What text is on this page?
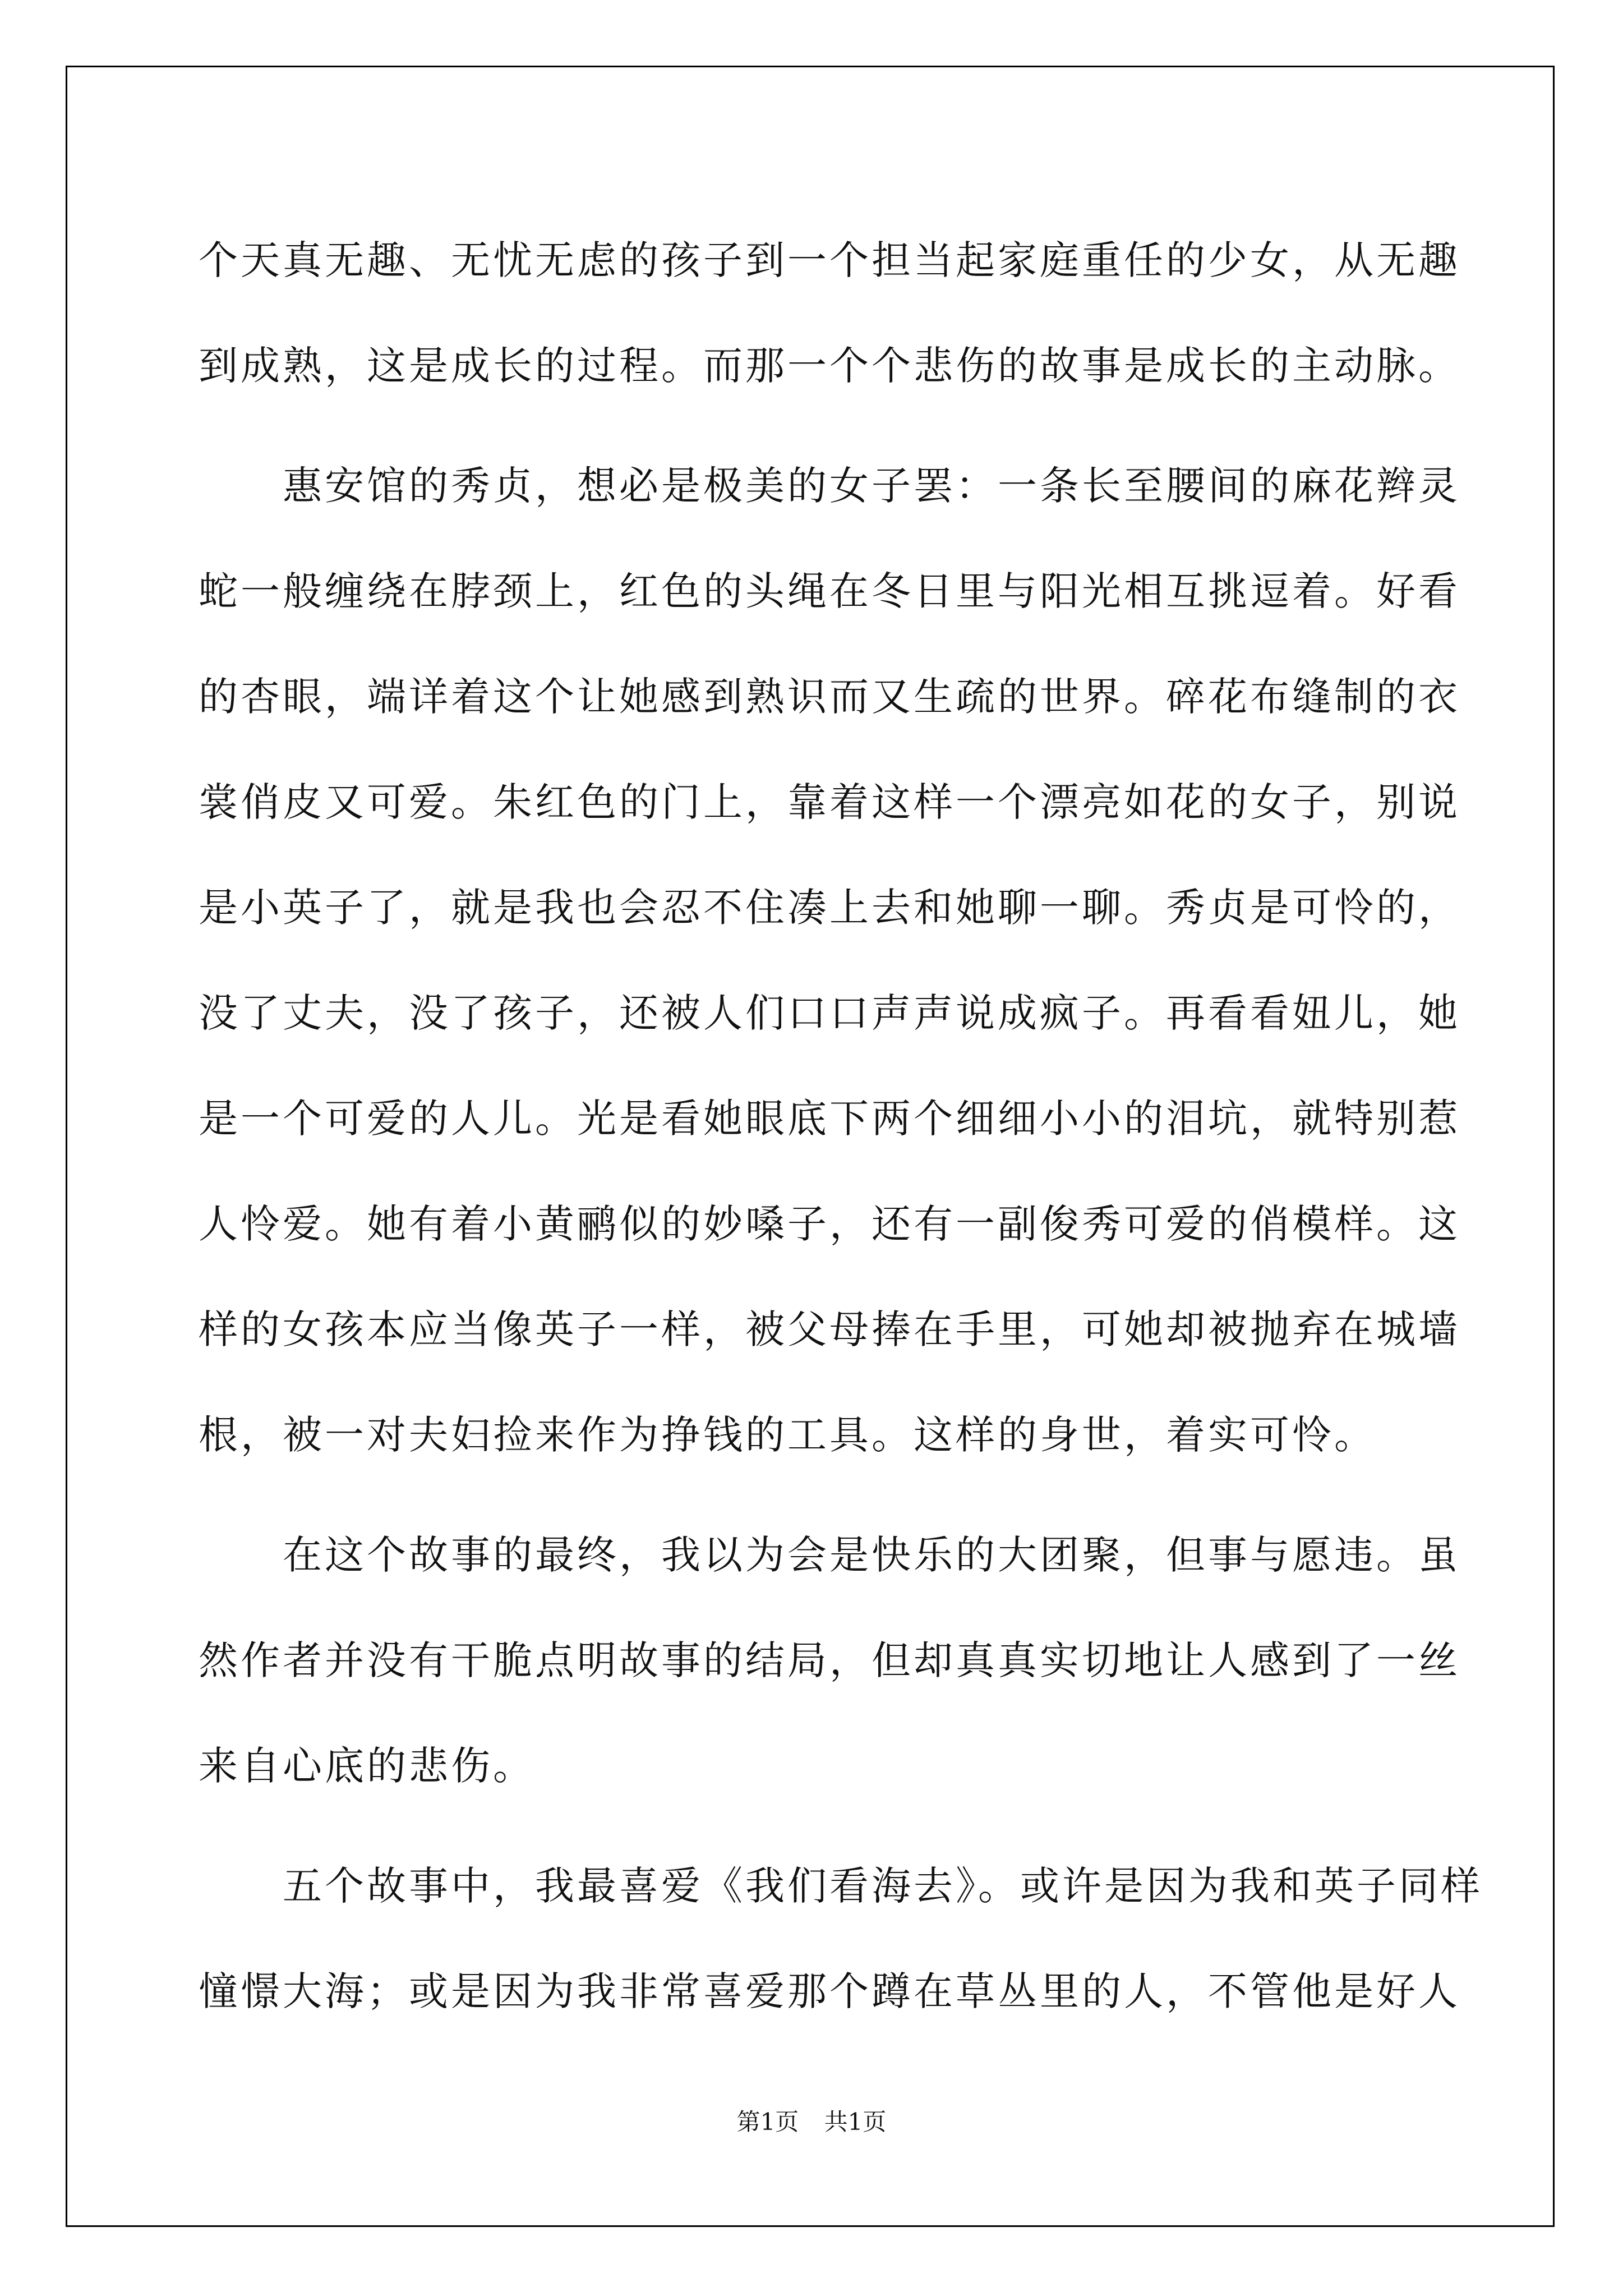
个天真无趣、无忧无虑的孩子到一个担当起家庭重任的少女，从无趣
到成熟，这是成长的过程。而那一个个悲伤的故事是成长的主动脉。
惠安馆的秀贞，想必是极美的女子罢：一条长至腰间的麻花辫灵
蛇一般缠绕在脖颈上，红色的头绳在冬日里与阳光相互挑逗着。好看
的杏眼，端详着这个让她感到熟识而又生疏的世界。碎花布缝制的衣
裳俏皮又可爱。朱红色的门上，靠着这样一个漂亮如花的女子，别说
是小英子了，就是我也会忍不住凑上去和她聊一聊。秀贞是可怜的，
没了丈夫，没了孩子，还被人们口口声声说成疯子。再看看妞儿，她
是一个可爱的人儿。光是看她眼底下两个细细小小的泪坑，就特别惹
人怜爱。她有着小黄鹂似的妙嗓子，还有一副俊秀可爱的俏模样。这
样的女孩本应当像英子一样，被父母捧在手里，可她却被抛弃在城墙
根，被一对夫妇捡来作为挣钱的工具。这样的身世，着实可怜。
在这个故事的最终，我以为会是快乐的大团聚，但事与愿违。虽
然作者并没有干脆点明故事的结局，但却真真实切地让人感到了一丝
来自心底的悲伤。
五个故事中，我最喜爱《我们看海去》。或许是因为我和英子同样
憧憬大海；或是因为我非常喜爱那个蹲在草丛里的人，不管他是好人
第1页 共1页
